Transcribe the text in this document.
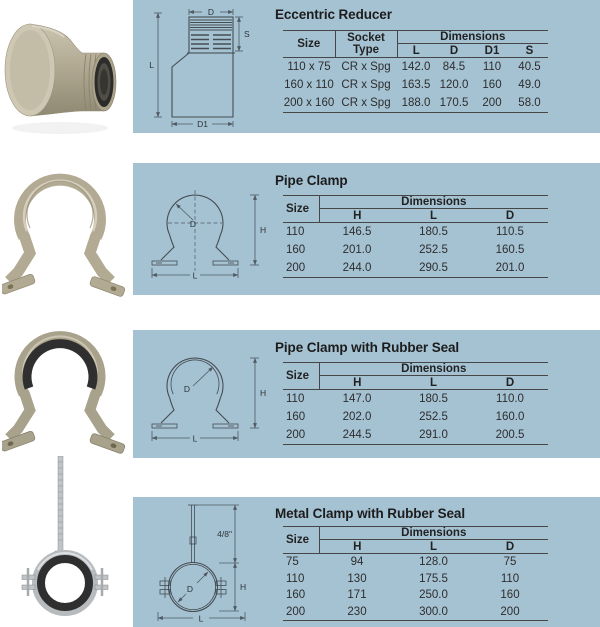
D
S
L
D1
Eccentric Reducer
Size	Socket Type	Dimensions			
		L	D	D1	S
110 x 75	CR x Spg	142.0	84.5	110	40.5
160 x 110	CR x Spg	163.5	120.0	160	49.0
200 x 160	CR x Spg	188.0	170.5	200	58.0
D
H
L
Pipe Clamp
Size	Dimensions		
	H	L	D
110	146.5	180.5	110.5
160	201.0	252.5	160.5
200	244.0	290.5	201.0
D	H
L
Pipe Clamp with Rubber Seal
Size	Dimensions		
	H	L	D
110	147.0	180.5	110.0
160	202.0	252.5	160.0
200	244.5	291.0	200.5
D
4/8"
H
L
Metal Clamp with Rubber Seal
Size	Dimensions		
	H	L	D
75	94	128.0	75
110	130	175.5	110
160	171	250.0	160
200	230	300.0	200
